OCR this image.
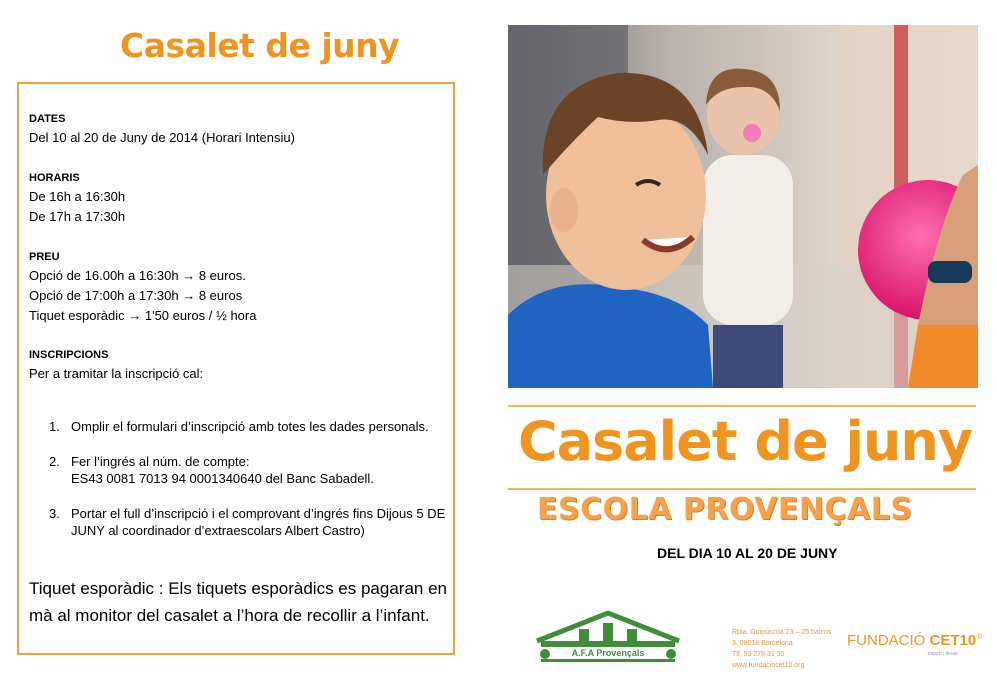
Casalet de juny
DATES
Del 10 al 20 de Juny de 2014 (Horari Intensiu)
HORARIS
De 16h a 16:30h
De 17h a 17:30h
PREU
Opció de 16.00h a 16:30h → 8 euros.
Opció de 17:00h a 17:30h → 8 euros
Tiquet esporàdic → 1'50 euros / ½ hora
INSCRIPCIONS
Per a tramitar la inscripció cal:
1. Omplir el formulari d’inscripció amb totes les dades personals.
2. Fer l’ingrés al núm. de compte:
ES43 0081 7013 94 0001340640 del Banc Sabadell.
3. Portar el full d’inscripció i el comprovant d’ingrés fins Dijous 5 DE
JUNY al coordinador d’extraescolars Albert Castro)
Tiquet esporàdic : Els tiquets esporàdics es pagaran en
mà al monitor del casalet a l’hora de recollir a l’infant.
Casalet de juny
ESCOLA PROVENÇALS
DEL DIA 10 AL 20 DE JUNY
A.F.A Provençals
Rbla. Guipúscoa 23 – 25 baixos
3, 08018 Barcelona
Tlf. 93 278 31 35
www.fundaciocet10.org
FUNDACIÓ CET10®
esport i lleure
